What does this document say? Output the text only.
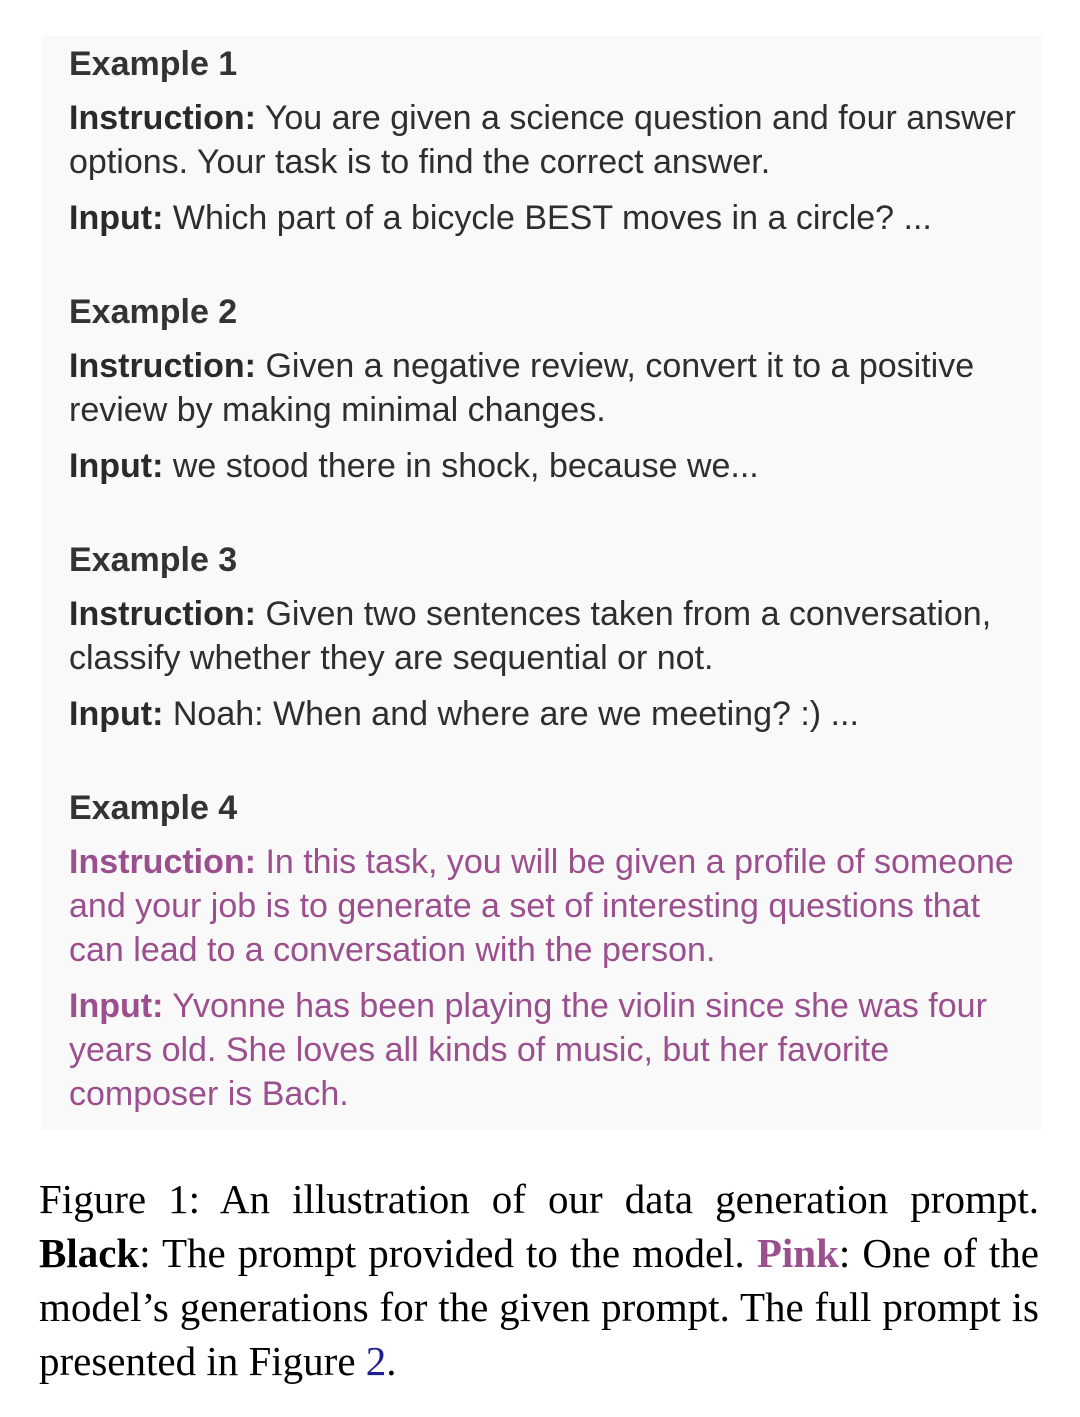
Example 1
Instruction: You are given a science question and four answer options. Your task is to find the correct answer.
Input: Which part of a bicycle BEST moves in a circle? ...
Example 2
Instruction: Given a negative review, convert it to a positive review by making minimal changes.
Input: we stood there in shock, because we...
Example 3
Instruction: Given two sentences taken from a conversation, classify whether they are sequential or not.
Input: Noah: When and where are we meeting? :) ...
Example 4
Instruction: In this task, you will be given a profile of someone and your job is to generate a set of interesting questions that can lead to a conversation with the person.
Input: Yvonne has been playing the violin since she was four years old. She loves all kinds of music, but her favorite composer is Bach.
Figure 1: An illustration of our data generation prompt. Black: The prompt provided to the model. Pink: One of the model’s generations for the given prompt. The full prompt is presented in Figure 2.
